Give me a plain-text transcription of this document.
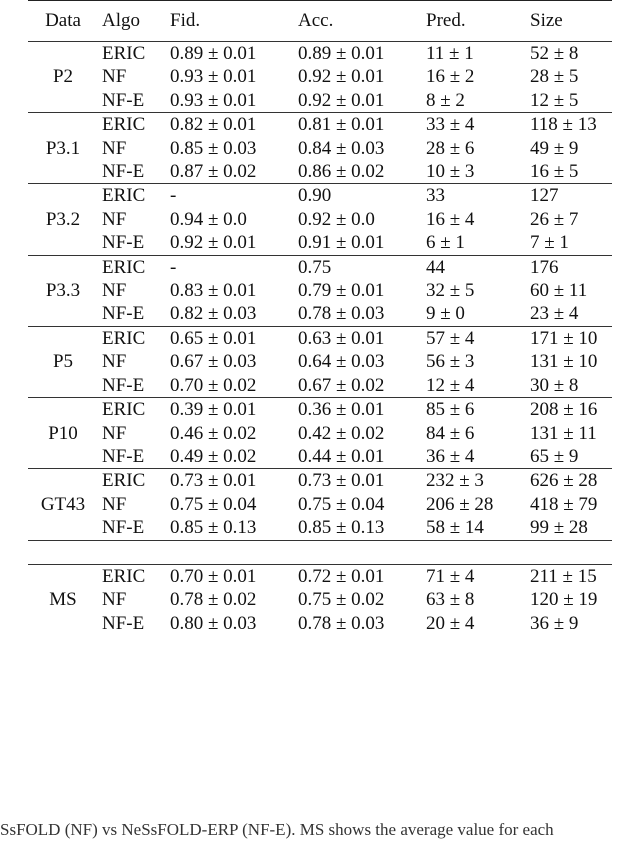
Data	Algo	Fid.	Acc.	Pred.	Size
P2	ERIC	0.89 ± 0.01	0.89 ± 0.01	11 ± 1	52 ± 8
	NF	0.93 ± 0.01	0.92 ± 0.01	16 ± 2	28 ± 5
	NF-E	0.93 ± 0.01	0.92 ± 0.01	8 ± 2	12 ± 5
P3.1	ERIC	0.82 ± 0.01	0.81 ± 0.01	33 ± 4	118 ± 13
	NF	0.85 ± 0.03	0.84 ± 0.03	28 ± 6	49 ± 9
	NF-E	0.87 ± 0.02	0.86 ± 0.02	10 ± 3	16 ± 5
P3.2	ERIC	-	0.90	33	127
	NF	0.94 ± 0.0	0.92 ± 0.0	16 ± 4	26 ± 7
	NF-E	0.92 ± 0.01	0.91 ± 0.01	6 ± 1	7 ± 1
P3.3	ERIC	-	0.75	44	176
	NF	0.83 ± 0.01	0.79 ± 0.01	32 ± 5	60 ± 11
	NF-E	0.82 ± 0.03	0.78 ± 0.03	9 ± 0	23 ± 4
P5	ERIC	0.65 ± 0.01	0.63 ± 0.01	57 ± 4	171 ± 10
	NF	0.67 ± 0.03	0.64 ± 0.03	56 ± 3	131 ± 10
	NF-E	0.70 ± 0.02	0.67 ± 0.02	12 ± 4	30 ± 8
P10	ERIC	0.39 ± 0.01	0.36 ± 0.01	85 ± 6	208 ± 16
	NF	0.46 ± 0.02	0.42 ± 0.02	84 ± 6	131 ± 11
	NF-E	0.49 ± 0.02	0.44 ± 0.01	36 ± 4	65 ± 9
GT43	ERIC	0.73 ± 0.01	0.73 ± 0.01	232 ± 3	626 ± 28
	NF	0.75 ± 0.04	0.75 ± 0.04	206 ± 28	418 ± 79
	NF-E	0.85 ± 0.13	0.85 ± 0.13	58 ± 14	99 ± 28

MS	ERIC	0.70 ± 0.01	0.72 ± 0.01	71 ± 4	211 ± 15
	NF	0.78 ± 0.02	0.75 ± 0.02	63 ± 8	120 ± 19
	NF-E	0.80 ± 0.03	0.78 ± 0.03	20 ± 4	36 ± 9
SsFOLD (NF) vs NeSsFOLD-ERP (NF-E). MS shows the average value for each
